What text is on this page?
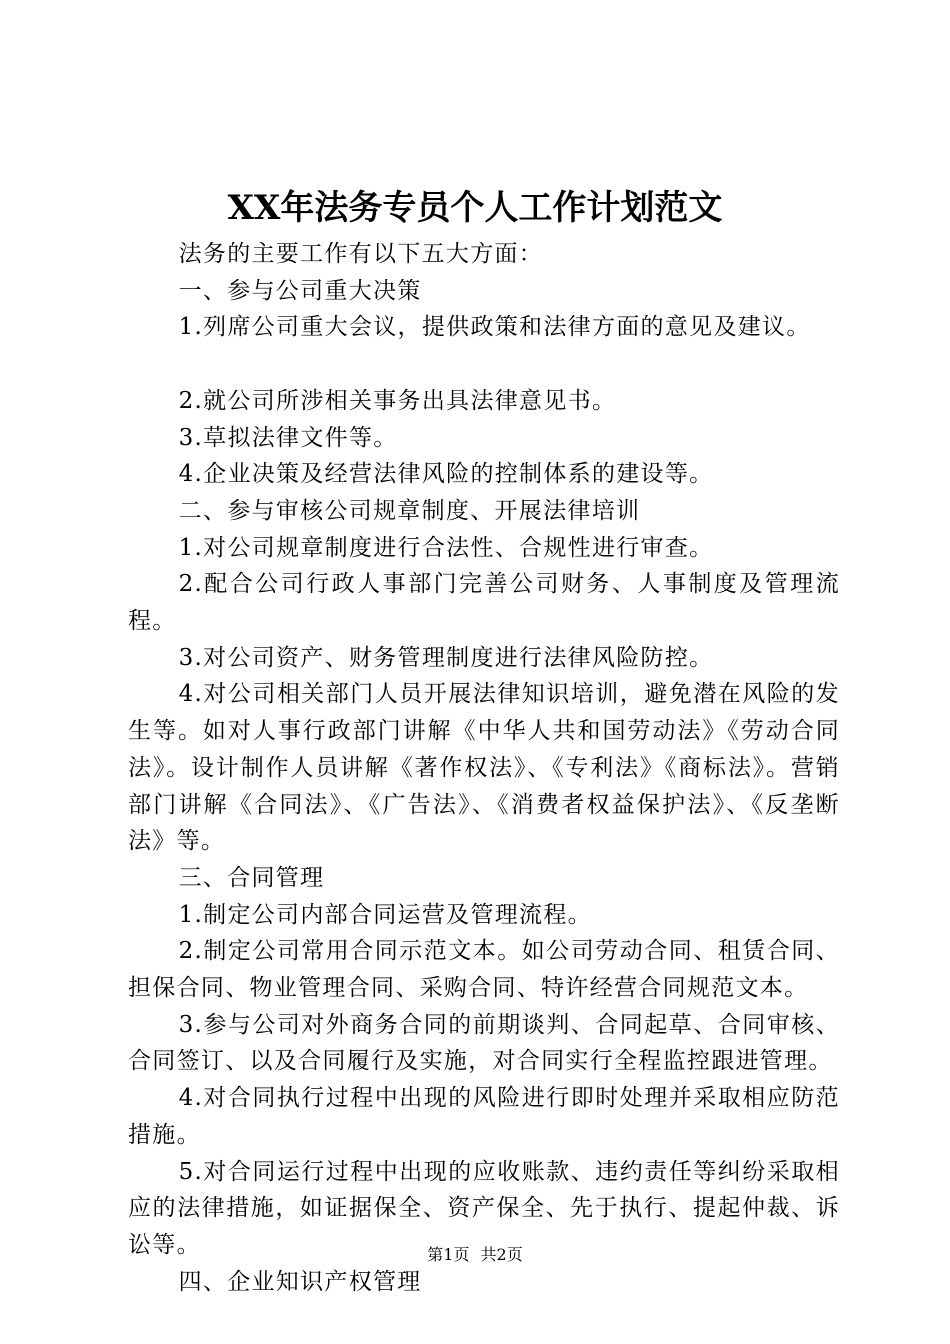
XX年法务专员个人工作计划范文

法务的主要工作有以下五大方面：

一、参与公司重大决策

1.列席公司重大会议，提供政策和法律方面的意见及建议。

2.就公司所涉相关事务出具法律意见书。

3.草拟法律文件等。

4.企业决策及经营法律风险的控制体系的建设等。

二、参与审核公司规章制度、开展法律培训

1.对公司规章制度进行合法性、合规性进行审查。

2.配合公司行政人事部门完善公司财务、人事制度及管理流程。

3.对公司资产、财务管理制度进行法律风险防控。

4.对公司相关部门人员开展法律知识培训，避免潜在风险的发生等。如对人事行政部门讲解《中华人共和国劳动法》《劳动合同法》。设计制作人员讲解《著作权法》、《专利法》《商标法》。营销部门讲解《合同法》、《广告法》、《消费者权益保护法》、《反垄断法》等。

三、合同管理

1.制定公司内部合同运营及管理流程。

2.制定公司常用合同示范文本。如公司劳动合同、租赁合同、担保合同、物业管理合同、采购合同、特许经营合同规范文本。

3.参与公司对外商务合同的前期谈判、合同起草、合同审核、合同签订、以及合同履行及实施，对合同实行全程监控跟进管理。

4.对合同执行过程中出现的风险进行即时处理并采取相应防范措施。

5.对合同运行过程中出现的应收账款、违约责任等纠纷采取相应的法律措施，如证据保全、资产保全、先于执行、提起仲裁、诉讼等。

四、企业知识产权管理

第1页 共2页
